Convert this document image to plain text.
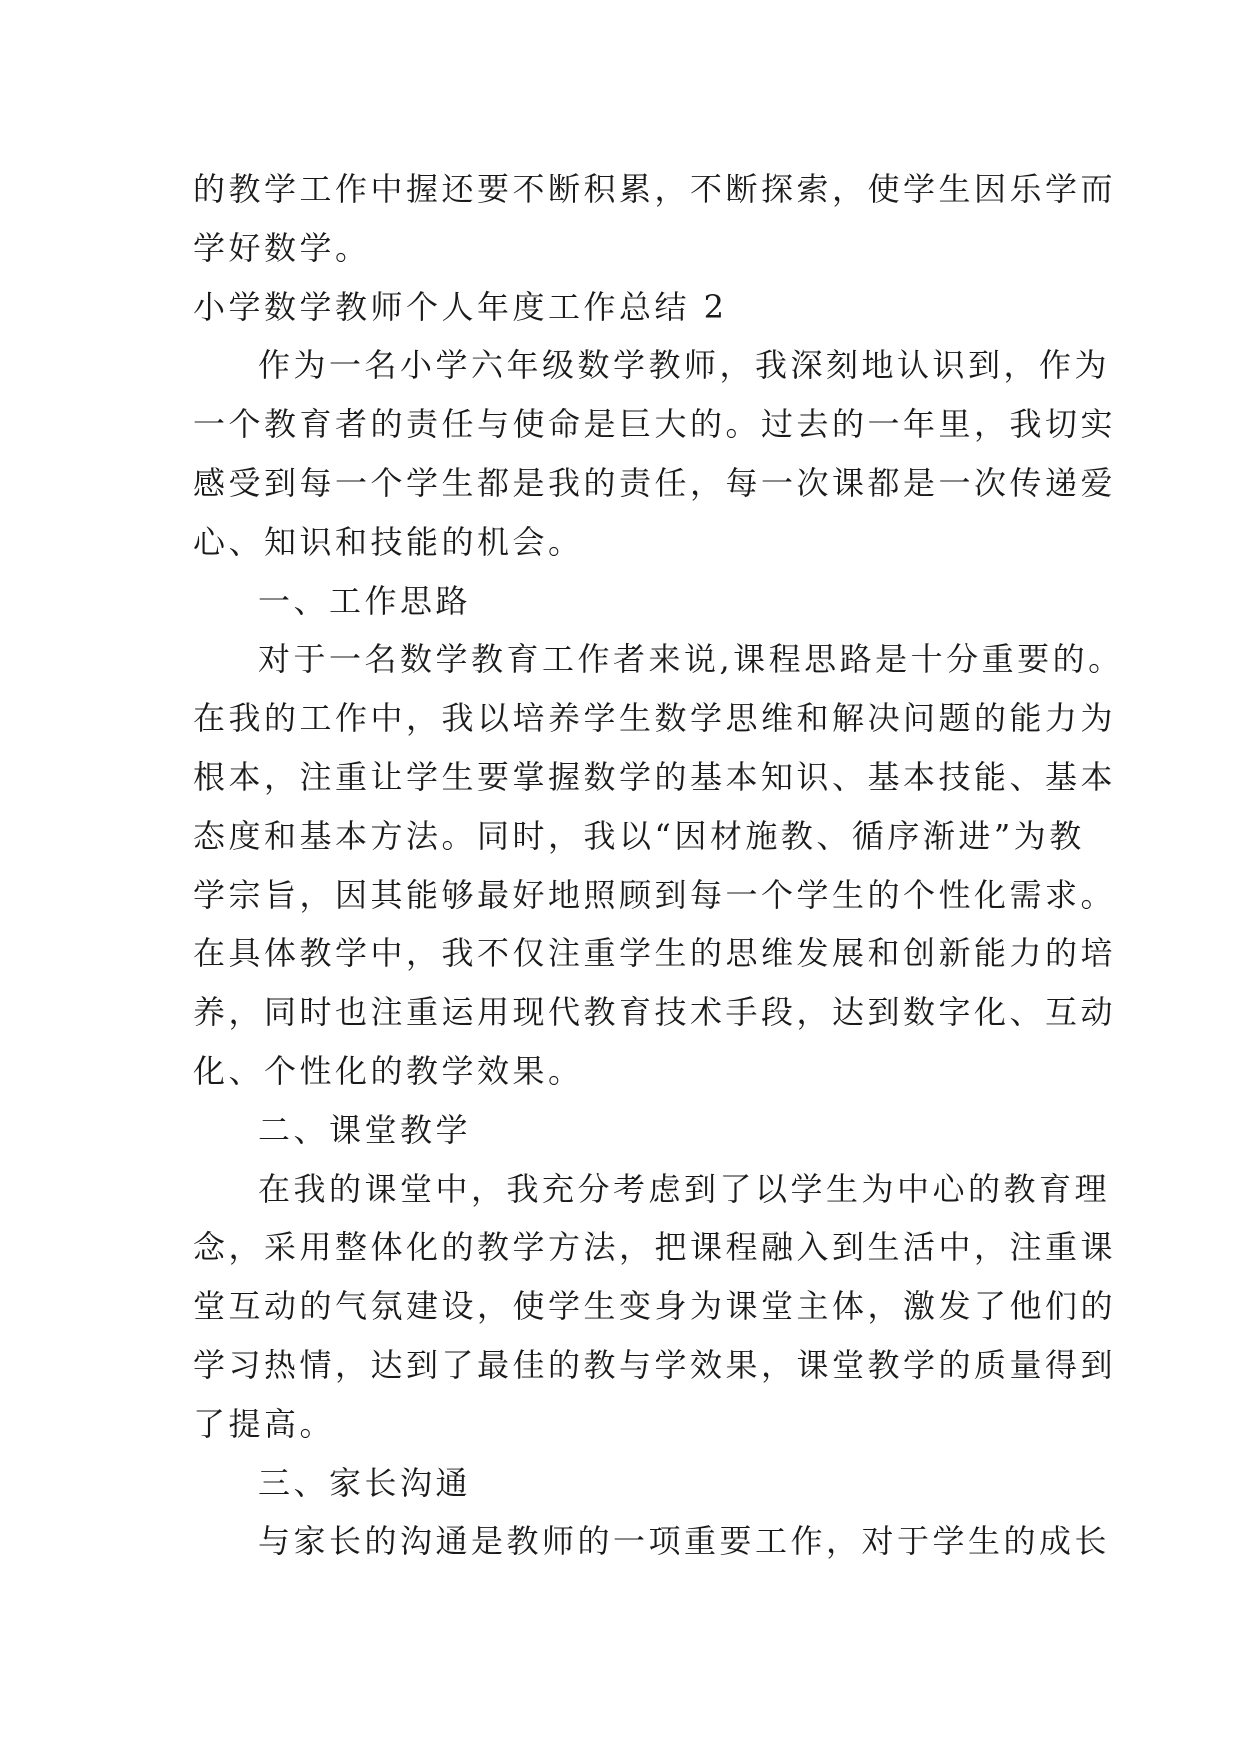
的教学工作中握还要不断积累，不断探索，使学生因乐学而
学好数学。
小学数学教师个人年度工作总结 2
作为一名小学六年级数学教师，我深刻地认识到，作为
一个教育者的责任与使命是巨大的。过去的一年里，我切实
感受到每一个学生都是我的责任，每一次课都是一次传递爱
心、知识和技能的机会。
一、工作思路
对于一名数学教育工作者来说,课程思路是十分重要的。
在我的工作中，我以培养学生数学思维和解决问题的能力为
根本，注重让学生要掌握数学的基本知识、基本技能、基本
态度和基本方法。同时，我以“因材施教、循序渐进”为教
学宗旨，因其能够最好地照顾到每一个学生的个性化需求。
在具体教学中，我不仅注重学生的思维发展和创新能力的培
养，同时也注重运用现代教育技术手段，达到数字化、互动
化、个性化的教学效果。
二、课堂教学
在我的课堂中，我充分考虑到了以学生为中心的教育理
念，采用整体化的教学方法，把课程融入到生活中，注重课
堂互动的气氛建设，使学生变身为课堂主体，激发了他们的
学习热情，达到了最佳的教与学效果，课堂教学的质量得到
了提高。
三、家长沟通
与家长的沟通是教师的一项重要工作，对于学生的成长
